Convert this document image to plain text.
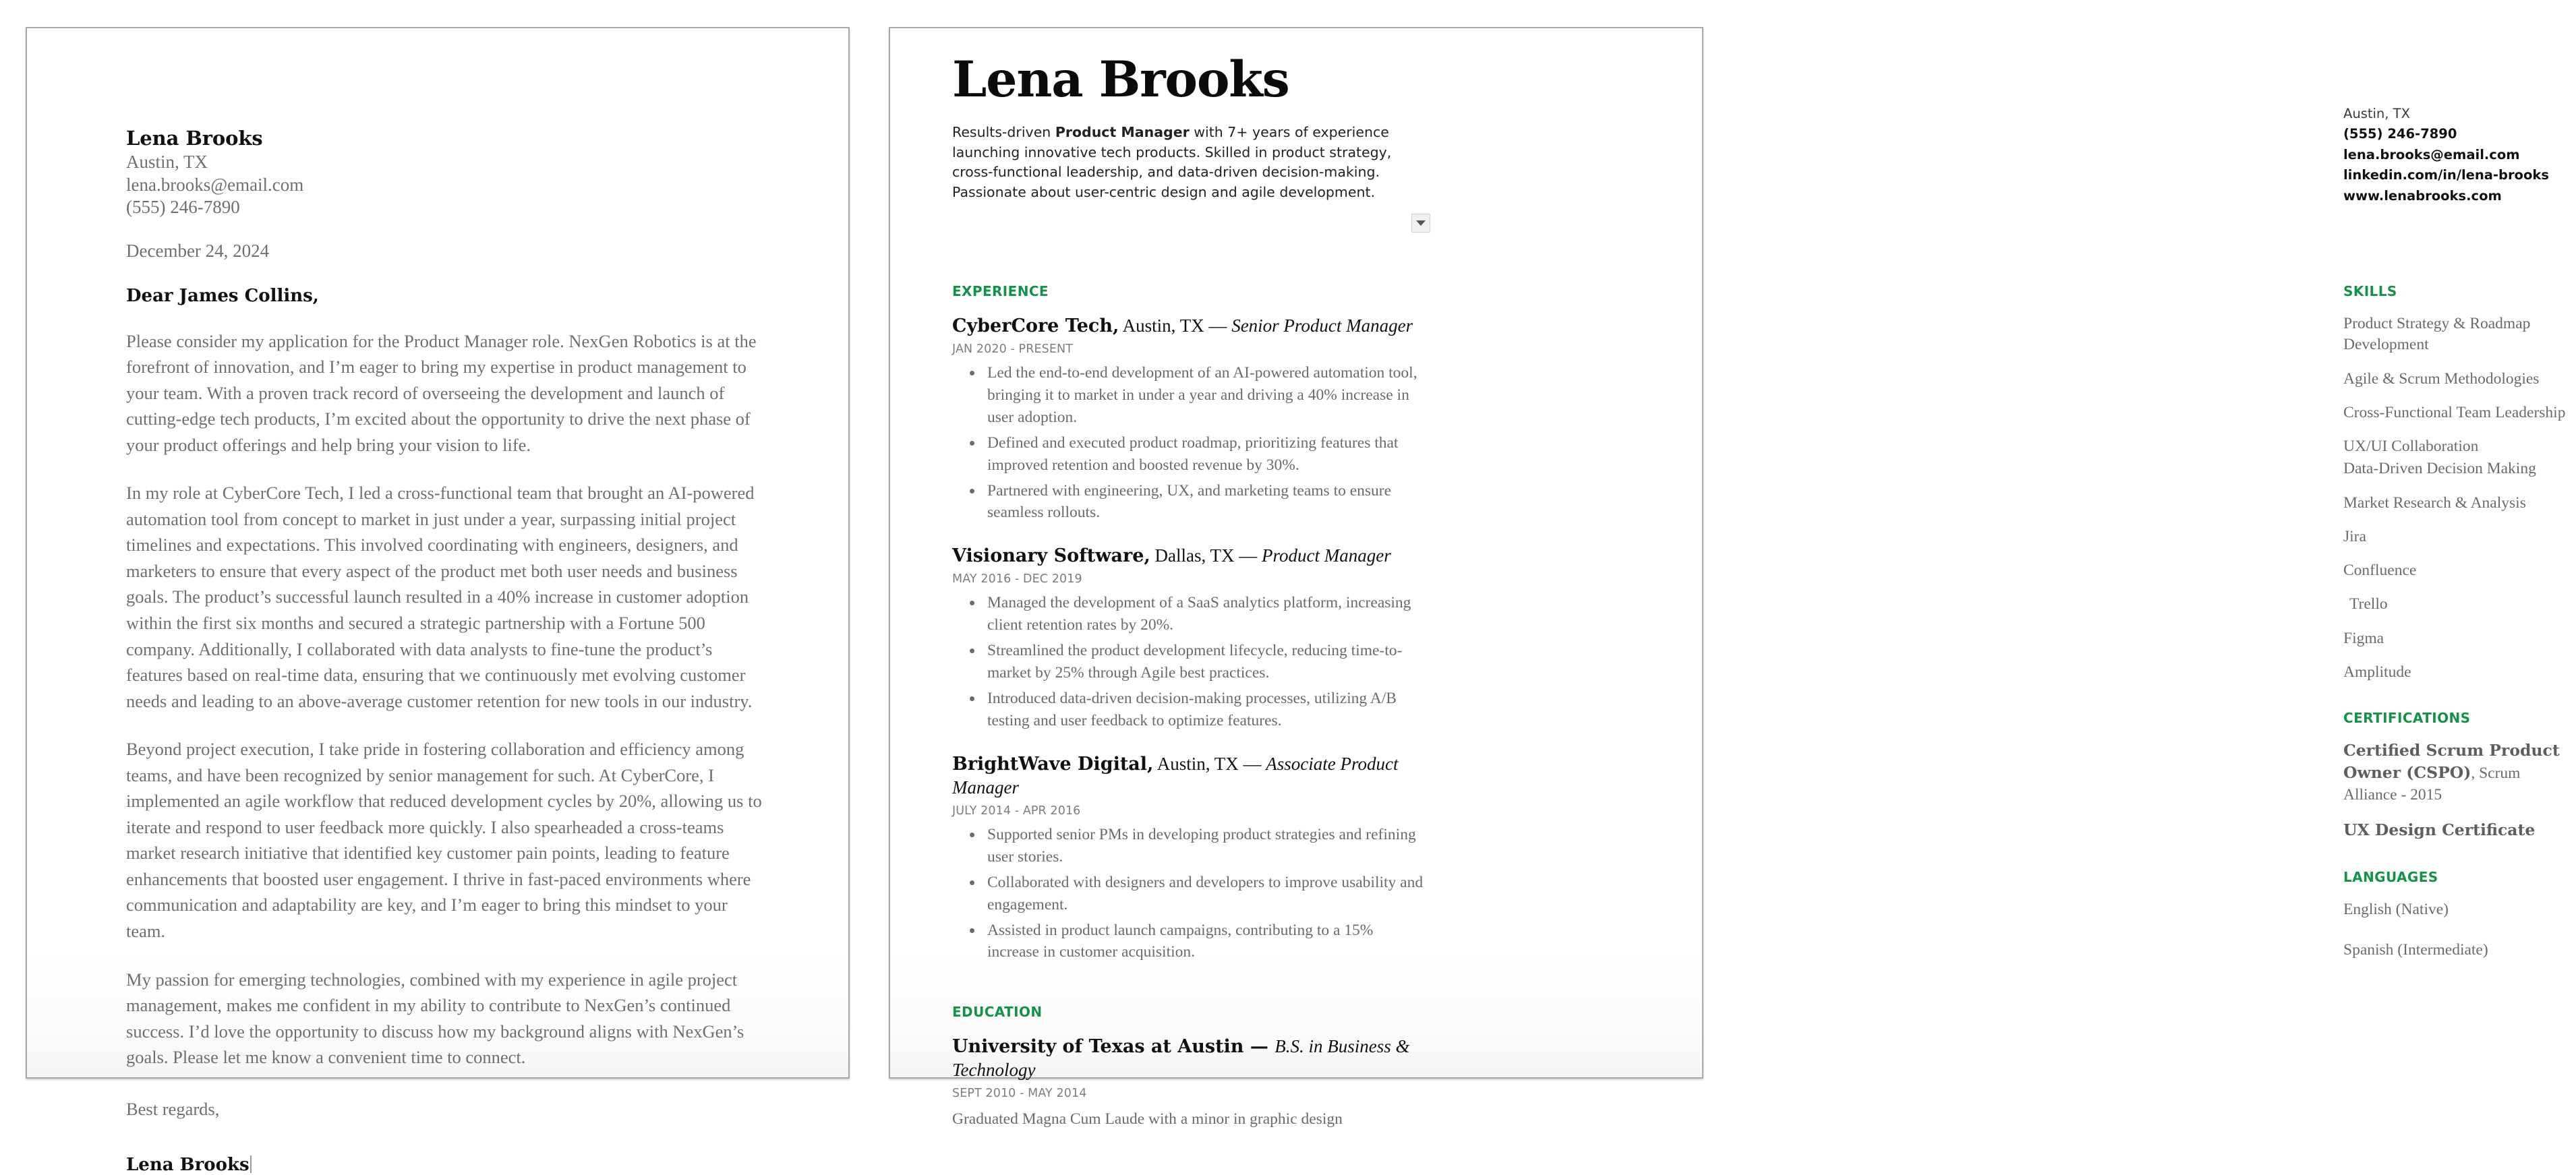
Lena Brooks
Austin, TX
lena.brooks@email.com
(555) 246-7890
December 24, 2024
Dear James Collins,

Please consider my application for the Product Manager role. NexGen Robotics is at the forefront of innovation, and I’m eager to bring my expertise in product management to your team. With a proven track record of overseeing the development and launch of cutting-edge tech products, I’m excited about the opportunity to drive the next phase of your product offerings and help bring your vision to life.

In my role at CyberCore Tech, I led a cross-functional team that brought an AI-powered automation tool from concept to market in just under a year, surpassing initial project timelines and expectations. This involved coordinating with engineers, designers, and marketers to ensure that every aspect of the product met both user needs and business goals. The product’s successful launch resulted in a 40% increase in customer adoption within the first six months and secured a strategic partnership with a Fortune 500 company. Additionally, I collaborated with data analysts to fine-tune the product’s features based on real-time data, ensuring that we continuously met evolving customer needs and leading to an above-average customer retention for new tools in our industry.

Beyond project execution, I take pride in fostering collaboration and efficiency among teams, and have been recognized by senior management for such. At CyberCore, I implemented an agile workflow that reduced development cycles by 20%, allowing us to iterate and respond to user feedback more quickly. I also spearheaded a cross-teams market research initiative that identified key customer pain points, leading to feature enhancements that boosted user engagement. I thrive in fast-paced environments where communication and adaptability are key, and I’m eager to bring this mindset to your team.

My passion for emerging technologies, combined with my experience in agile project management, makes me confident in my ability to contribute to NexGen’s continued success. I’d love the opportunity to discuss how my background aligns with NexGen’s goals. Please let me know a convenient time to connect.

Best regards,
Lena Brooks
Lena Brooks
Results-driven Product Manager with 7+ years of experience launching innovative tech products. Skilled in product strategy, cross-functional leadership, and data-driven decision-making. Passionate about user-centric design and agile development.
Austin, TX
(555) 246-7890
lena.brooks@email.com
linkedin.com/in/lena-brooks
www.lenabrooks.com
EXPERIENCE
CyberCore Tech, Austin, TX — Senior Product Manager
JAN 2020 - PRESENT
Led the end-to-end development of an AI-powered automation tool, bringing it to market in under a year and driving a 40% increase in user adoption.
Defined and executed product roadmap, prioritizing features that improved retention and boosted revenue by 30%.
Partnered with engineering, UX, and marketing teams to ensure seamless rollouts.
Visionary Software, Dallas, TX — Product Manager
MAY 2016 - DEC 2019
Managed the development of a SaaS analytics platform, increasing client retention rates by 20%.
Streamlined the product development lifecycle, reducing time-to-market by 25% through Agile best practices.
Introduced data-driven decision-making processes, utilizing A/B testing and user feedback to optimize features.
BrightWave Digital, Austin, TX — Associate Product Manager
JULY 2014 - APR 2016
Supported senior PMs in developing product strategies and refining user stories.
Collaborated with designers and developers to improve usability and engagement.
Assisted in product launch campaigns, contributing to a 15% increase in customer acquisition.
EDUCATION
University of Texas at Austin — B.S. in Business & Technology
SEPT 2010 - MAY 2014
Graduated Magna Cum Laude with a minor in graphic design
SKILLS
Product Strategy & Roadmap Development
Agile & Scrum Methodologies
Cross-Functional Team Leadership
UX/UI Collaboration
Data-Driven Decision Making
Market Research & Analysis
Jira
Confluence
Trello
Figma
Amplitude
CERTIFICATIONS
Certified Scrum Product Owner (CSPO), Scrum Alliance - 2015
UX Design Certificate
LANGUAGES
English (Native)
Spanish (Intermediate)
